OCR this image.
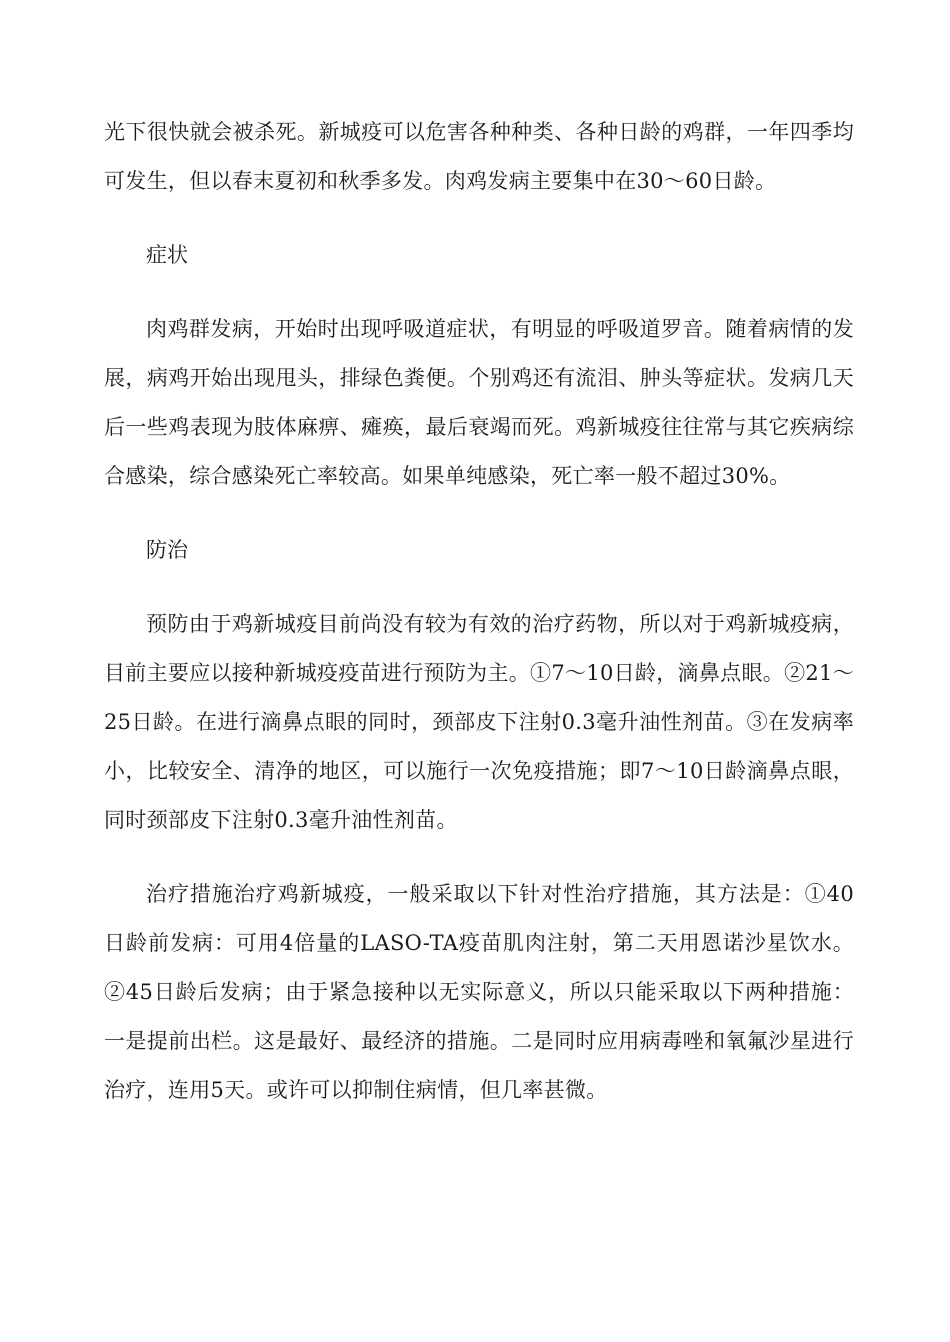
光下很快就会被杀死。新城疫可以危害各种种类、各种日龄的鸡群，一年四季均可发生，但以春末夏初和秋季多发。肉鸡发病主要集中在30～60日龄。

症状

肉鸡群发病，开始时出现呼吸道症状，有明显的呼吸道罗音。随着病情的发展，病鸡开始出现甩头，排绿色粪便。个别鸡还有流泪、肿头等症状。发病几天后一些鸡表现为肢体麻痹、瘫痪，最后衰竭而死。鸡新城疫往往常与其它疾病综合感染，综合感染死亡率较高。如果单纯感染，死亡率一般不超过30%。

防治

预防由于鸡新城疫目前尚没有较为有效的治疗药物，所以对于鸡新城疫病，目前主要应以接种新城疫疫苗进行预防为主。①7～10日龄，滴鼻点眼。②21～25日龄。在进行滴鼻点眼的同时，颈部皮下注射0.3毫升油性剂苗。③在发病率小，比较安全、清净的地区，可以施行一次免疫措施；即7～10日龄滴鼻点眼，同时颈部皮下注射0.3毫升油性剂苗。

治疗措施治疗鸡新城疫，一般采取以下针对性治疗措施，其方法是：①40日龄前发病：可用4倍量的LASO-TA疫苗肌肉注射，第二天用恩诺沙星饮水。②45日龄后发病；由于紧急接种以无实际意义，所以只能采取以下两种措施：一是提前出栏。这是最好、最经济的措施。二是同时应用病毒唑和氧氟沙星进行治疗，连用5天。或许可以抑制住病情，但几率甚微。
